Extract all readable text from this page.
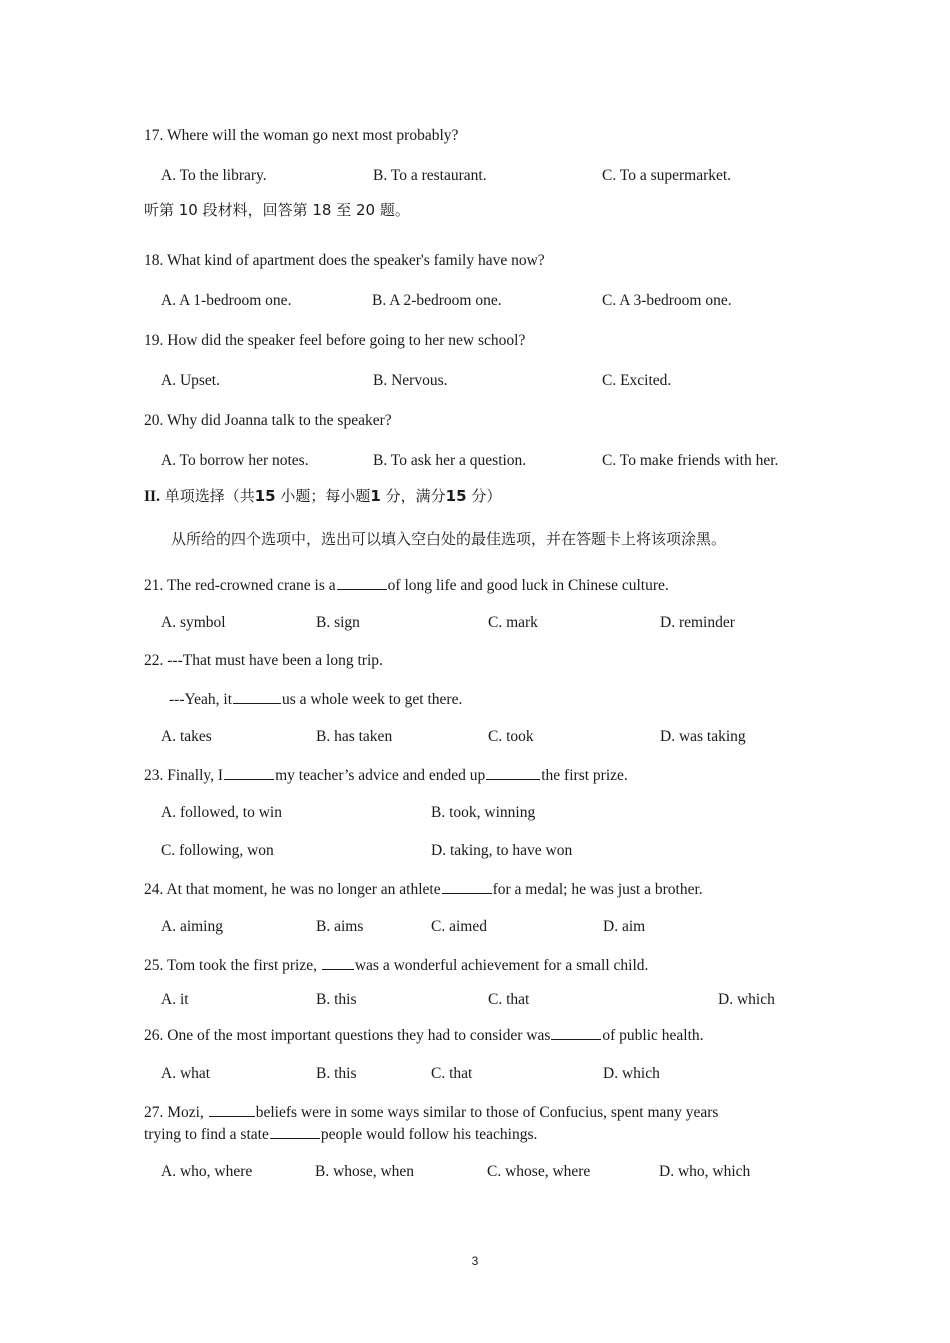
17. Where will the woman go next most probably?
A. To the library.	B. To a restaurant.	C. To a supermarket.
听第 10 段材料，回答第 18 至 20 题。
18. What kind of apartment does the speaker's family have now?
A. A 1-bedroom one.	B. A 2-bedroom one.	C. A 3-bedroom one.
19. How did the speaker feel before going to her new school?
A. Upset.	B. Nervous.	C. Excited.
20. Why did Joanna talk to the speaker?
A. To borrow her notes.	B. To ask her a question.	C. To make friends with her.
II. 单项选择（共15 小题；每小题1 分，满分15 分）
从所给的四个选项中，选出可以填入空白处的最佳选项，并在答题卡上将该项涂黑。
21. The red-crowned crane is a	of long life and good luck in Chinese culture.
A. symbol	B. sign	C. mark	D. reminder
22. ---That must have been a long trip.
---Yeah, it	us a whole week to get there.
A. takes	B. has taken	C. took	D. was taking
23. Finally, I	my teacher’s advice and ended up	the first prize.
A. followed, to win	B. took, winning
C. following, won	D. taking, to have won
24. At that moment, he was no longer an athlete	for a medal; he was just a brother.
A. aiming	B. aims	C. aimed	D. aim
25. Tom took the first prize, was a wonderful achievement for a small child.
A. it	B. this	C. that	D. which
26. One of the most important questions they had to consider was	of public health.
A. what	B. this	C. that	D. which
27. Mozi,	beliefs were in some ways similar to those of Confucius, spent many years
trying to find a state	people would follow his teachings.
A. who, where	B. whose, when	C. whose, where	D. who, which
3
